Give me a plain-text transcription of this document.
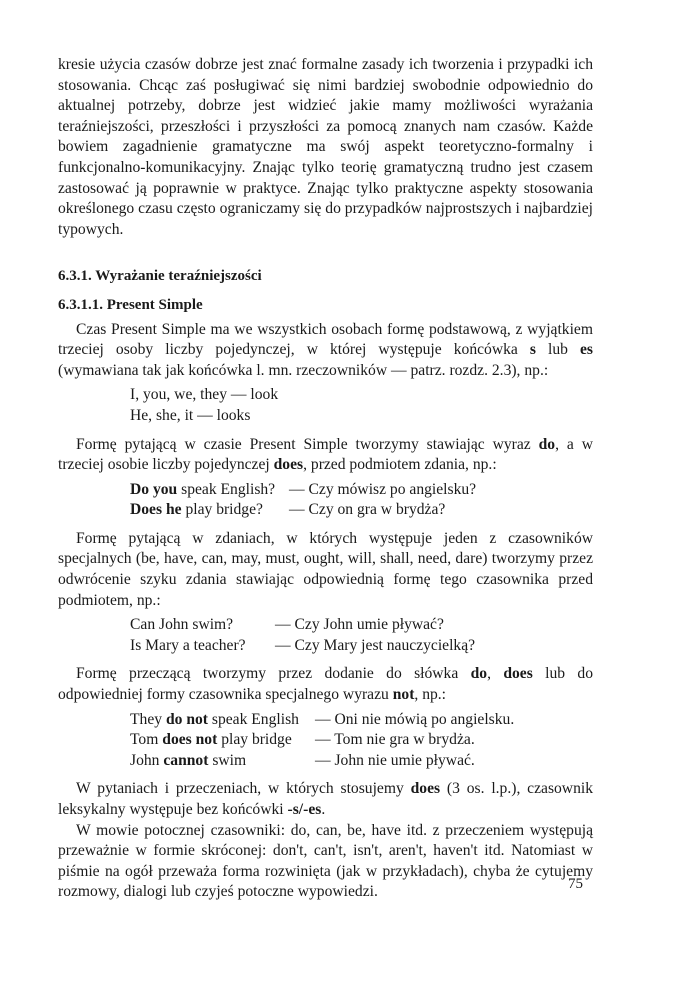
kresie użycia czasów dobrze jest znać formalne zasady ich tworzenia i przypadki ich stosowania. Chcąc zaś posługiwać się nimi bardziej swobodnie odpowiednio do aktualnej potrzeby, dobrze jest widzieć jakie mamy możliwości wyrażania teraźniejszości, przeszłości i przyszłości za pomocą znanych nam czasów. Każde bowiem zagadnienie gramatyczne ma swój aspekt teoretyczno-formalny i funkcjonalno-komunikacyjny. Znając tylko teorię gramatyczną trudno jest czasem zastosować ją poprawnie w praktyce. Znając tylko praktyczne aspekty stosowania określonego czasu często ograniczamy się do przypadków najprostszych i najbardziej typowych.

6.3.1. Wyrażanie teraźniejszości

6.3.1.1. Present Simple

Czas Present Simple ma we wszystkich osobach formę podstawową, z wyjątkiem trzeciej osoby liczby pojedynczej, w której występuje końcówka s lub es (wymawiana tak jak końcówka l. mn. rzeczowników — patrz. rozdz. 2.3), np.:

I, you, we, they — look
He, she, it — looks

Formę pytającą w czasie Present Simple tworzymy stawiając wyraz do, a w trzeciej osobie liczby pojedynczej does, przed podmiotem zdania, np.:

Do you speak English? — Czy mówisz po angielsku?
Does he play bridge?	— Czy on gra w brydża?

Formę pytającą w zdaniach, w których występuje jeden z czasowników specjalnych (be, have, can, may, must, ought, will, shall, need, dare) tworzymy przez odwrócenie szyku zdania stawiając odpowiednią formę tego czasownika przed podmiotem, np.:

Can John swim?	— Czy John umie pływać?
Is Mary a teacher?	— Czy Mary jest nauczycielką?

Formę przeczącą tworzymy przez dodanie do słówka do, does lub do odpowiedniej formy czasownika specjalnego wyrazu not, np.:

They do not speak English	— Oni nie mówią po angielsku.
Tom does not play bridge	— Tom nie gra w brydża.
John cannot swim	— John nie umie pływać.

W pytaniach i przeczeniach, w których stosujemy does (3 os. l.p.), czasownik leksykalny występuje bez końcówki -s/-es.

W mowie potocznej czasowniki: do, can, be, have itd. z przeczeniem występują przeważnie w formie skróconej: don't, can't, isn't, aren't, haven't itd. Natomiast w piśmie na ogół przeważa forma rozwinięta (jak w przykładach), chyba że cytujemy rozmowy, dialogi lub czyjeś potoczne wypowiedzi.	75
